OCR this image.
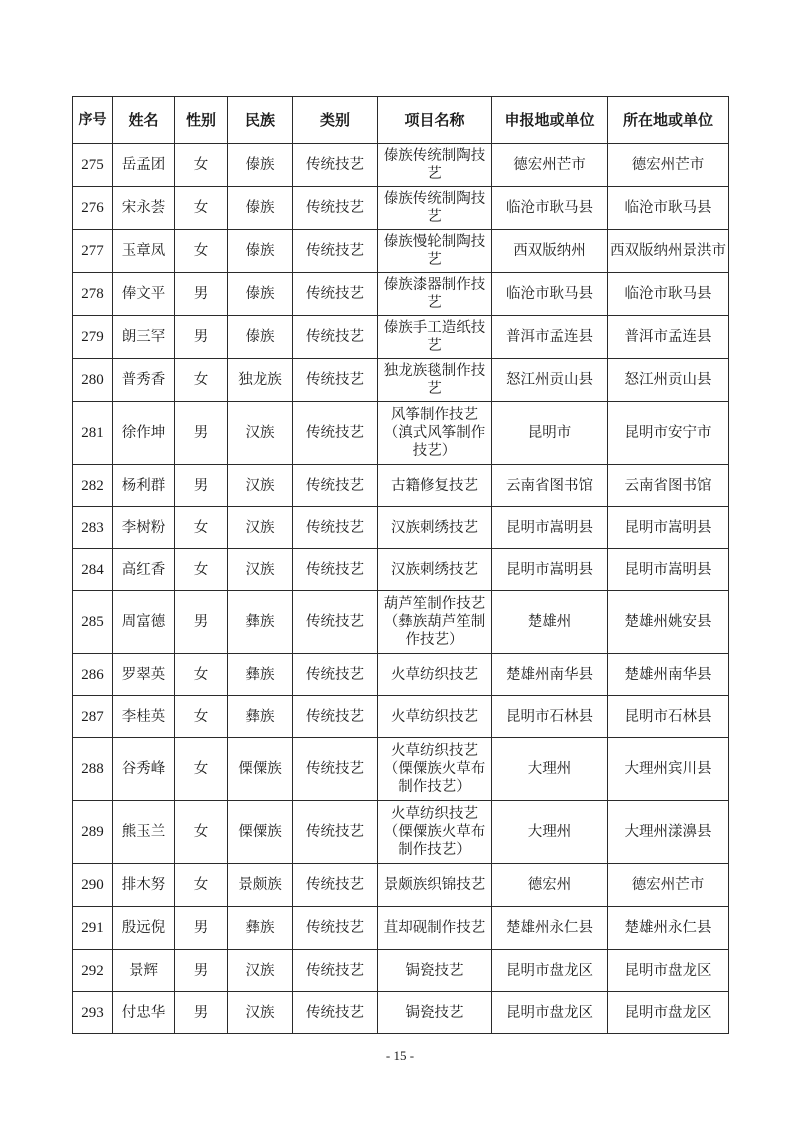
序号	姓名	性别	民族	类别	项目名称	申报地或单位	所在地或单位
275	岳孟团	女	傣族	传统技艺	傣族传统制陶技艺	德宏州芒市	德宏州芒市
276	宋永荟	女	傣族	传统技艺	傣族传统制陶技艺	临沧市耿马县	临沧市耿马县
277	玉章凤	女	傣族	传统技艺	傣族慢轮制陶技艺	西双版纳州	西双版纳州景洪市
278	俸文平	男	傣族	传统技艺	傣族漆器制作技艺	临沧市耿马县	临沧市耿马县
279	朗三罕	男	傣族	传统技艺	傣族手工造纸技艺	普洱市孟连县	普洱市孟连县
280	普秀香	女	独龙族	传统技艺	独龙族毯制作技艺	怒江州贡山县	怒江州贡山县
281	徐作坤	男	汉族	传统技艺	风筝制作技艺（滇式风筝制作技艺）	昆明市	昆明市安宁市
282	杨利群	男	汉族	传统技艺	古籍修复技艺	云南省图书馆	云南省图书馆
283	李树粉	女	汉族	传统技艺	汉族刺绣技艺	昆明市嵩明县	昆明市嵩明县
284	高红香	女	汉族	传统技艺	汉族刺绣技艺	昆明市嵩明县	昆明市嵩明县
285	周富德	男	彝族	传统技艺	葫芦笙制作技艺（彝族葫芦笙制作技艺）	楚雄州	楚雄州姚安县
286	罗翠英	女	彝族	传统技艺	火草纺织技艺	楚雄州南华县	楚雄州南华县
287	李桂英	女	彝族	传统技艺	火草纺织技艺	昆明市石林县	昆明市石林县
288	谷秀峰	女	傈僳族	传统技艺	火草纺织技艺（傈僳族火草布制作技艺）	大理州	大理州宾川县
289	熊玉兰	女	傈僳族	传统技艺	火草纺织技艺（傈僳族火草布制作技艺）	大理州	大理州漾濞县
290	排木努	女	景颇族	传统技艺	景颇族织锦技艺	德宏州	德宏州芒市
291	殷远倪	男	彝族	传统技艺	苴却砚制作技艺	楚雄州永仁县	楚雄州永仁县
292	景辉	男	汉族	传统技艺	锔瓷技艺	昆明市盘龙区	昆明市盘龙区
293	付忠华	男	汉族	传统技艺	锔瓷技艺	昆明市盘龙区	昆明市盘龙区
- 15 -
